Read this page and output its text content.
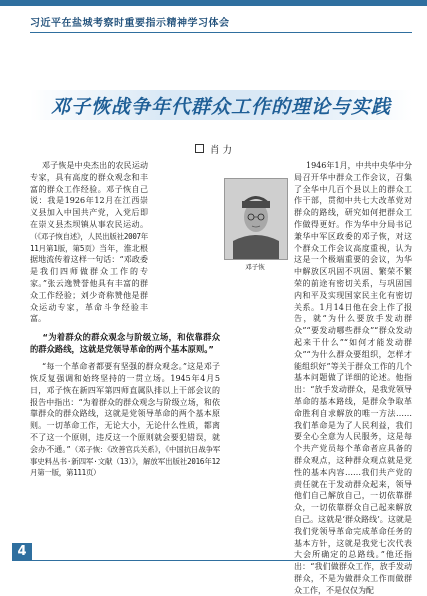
习近平在盐城考察时重要指示精神学习体会
邓子恢战争年代群众工作的理论与实践
肖 力

邓子恢是中央杰出的农民运动专家，具有高度的群众观念和丰富的群众工作经验。邓子恢自己说：我是1926年12月在江西崇义县加入中国共产党，入党后即在崇义县杰坝镇从事农民运动。（《邓子恢自述》，人民出版社2007年11月第1版，第5页）当年，淮北根据地流传着这样一句话：“邓政委是我们四师做群众工作的专家。”张云逸赞誉他具有丰富的群众工作经验；刘少奇称赞他是群众运动专家，革命斗争经验丰富。

“为着群众的群众观念与阶级立场，和依靠群众的群众路线，这就是党领导革命的两个基本原则。”

“每一个革命者都要有坚强的群众观念。”这是邓子恢反复强调和始终坚持的一贯立场。1945年4月5日，邓子恢在新四军第四师直属队排以上干部会议的报告中指出：“为着群众的群众观念与阶级立场，和依靠群众的群众路线，这就是党领导革命的两个基本原则。一切革命工作，无论大小，无论什么性质，都离不了这一个原则，违反这一个原则就会要犯错误，就会办不通。”（邓子恢：《改善官兵关系》，《中国抗日战争军事史料丛书·新四军·文献（13）》，解放军出版社2016年12月第一版，第111页）

邓子恢

1946年1月，中共中央华中分局召开华中群众工作会议，召集了全华中几百个县以上的群众工作干部，贯彻中共七大改革党对群众的路线，研究如何把群众工作做得更好。作为华中分局书记兼华中军区政委的邓子恢，对这个群众工作会议高度重视，认为这是一个极端重要的会议，为华中解放区巩固不巩固、繁荣不繁荣的前途有密切关系，与巩固国内和平及实现国家民主化有密切关系。1月14日他在会上作了报告，就“为什么要放手发动群众”“要发动哪些群众”“群众发动起来干什么”“如何才能发动群众”“为什么群众要组织，怎样才能组织好”等关于群众工作的几个基本问题做了详细的论述。他指出：“放手发动群众，是我党领导革命的基本路线，是群众争取革命胜利自求解放的唯一方法……我们革命是为了人民利益，我们要全心全意为人民服务，这是每个共产党员每个革命者应具备的群众观点，这种群众观点就是党性的基本内容……我们共产党的责任就在于发动群众起来，领导他们自己解放自己，一切依靠群众，一切依靠群众自己起来解放自己。这就是‘群众路线’。这就是我们党领导革命完成革命任务的基本方针，这就是我党七次代表大会所确定的总路线。”他还指出：“我们做群众工作，放手发动群众，不是为做群众工作而做群众工作，不是仅仅为配

4
